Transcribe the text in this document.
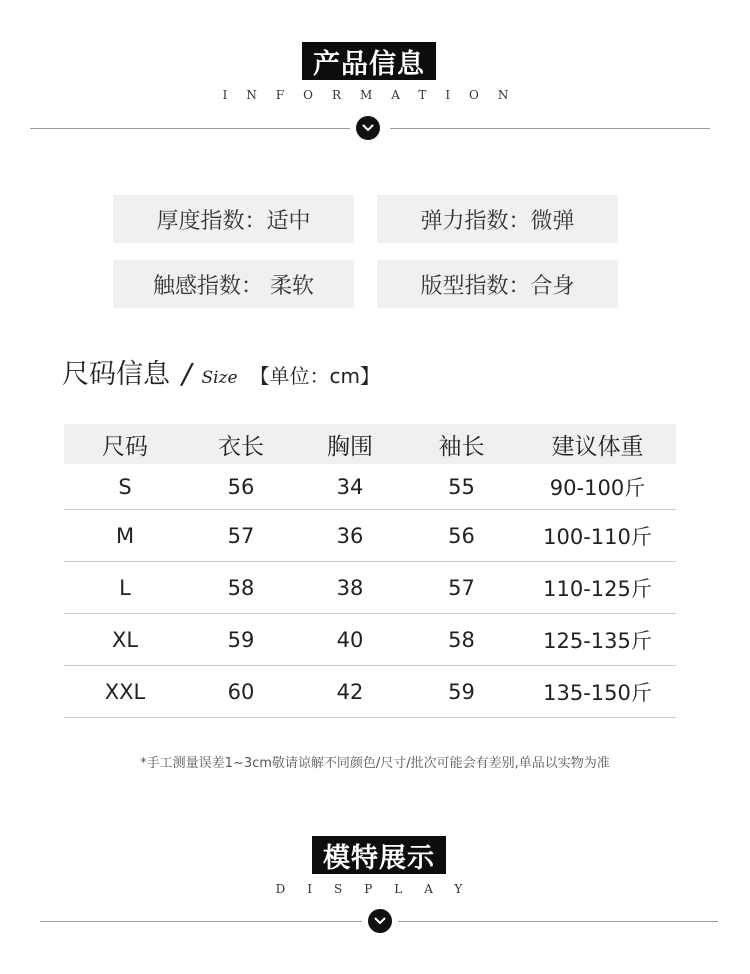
产品信息
INFORMATION
厚度指数：适中	弹力指数：微弹
触感指数： 柔软	版型指数：合身
尺码信息 / Size 【单位：cm】
尺码	衣长	胸围	袖长	建议体重
S	56	34	55	90-100斤
M	57	36	56	100-110斤
L	58	38	57	110-125斤
XL	59	40	58	125-135斤
XXL	60	42	59	135-150斤
*手工测量误差1~3cm敬请谅解不同颜色/尺寸/批次可能会有差别,单品以实物为准
模特展示
DISPLAY
